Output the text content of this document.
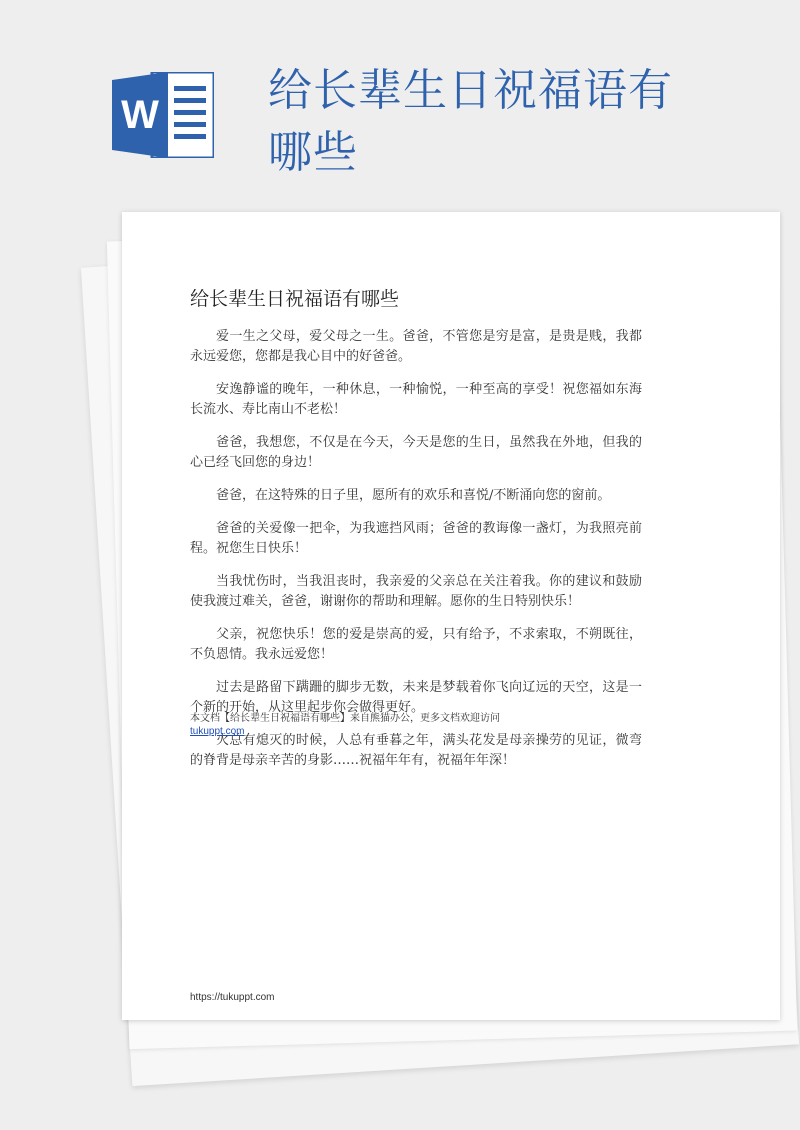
W 给长辈生日祝福语有哪些
给长辈生日祝福语有哪些

爱一生之父母，爱父母之一生。爸爸，不管您是穷是富，是贵是贱，我都永远爱您，您都是我心目中的好爸爸。

安逸静谧的晚年，一种休息，一种愉悦，一种至高的享受！祝您福如东海长流水、寿比南山不老松！

爸爸，我想您，不仅是在今天，今天是您的生日，虽然我在外地，但我的心已经飞回您的身边！

爸爸，在这特殊的日子里，愿所有的欢乐和喜悦/不断涌向您的窗前。

爸爸的关爱像一把伞，为我遮挡风雨；爸爸的教诲像一盏灯，为我照亮前程。祝您生日快乐！

当我忧伤时，当我沮丧时，我亲爱的父亲总在关注着我。你的建议和鼓励使我渡过难关，爸爸，谢谢你的帮助和理解。愿你的生日特别快乐！

父亲，祝您快乐！您的爱是崇高的爱，只有给予，不求索取，不朔既往，不负恩情。我永远爱您！

过去是路留下蹒跚的脚步无数，未来是梦载着你飞向辽远的天空，这是一个新的开始，从这里起步你会做得更好。

火总有熄灭的时候，人总有垂暮之年，满头花发是母亲操劳的见证，微弯的脊背是母亲辛苦的身影……祝福年年有，祝福年年深！

本文档【给长辈生日祝福语有哪些】来自熊猫办公，更多文档欢迎访问
tukuppt.com
https://tukuppt.com
